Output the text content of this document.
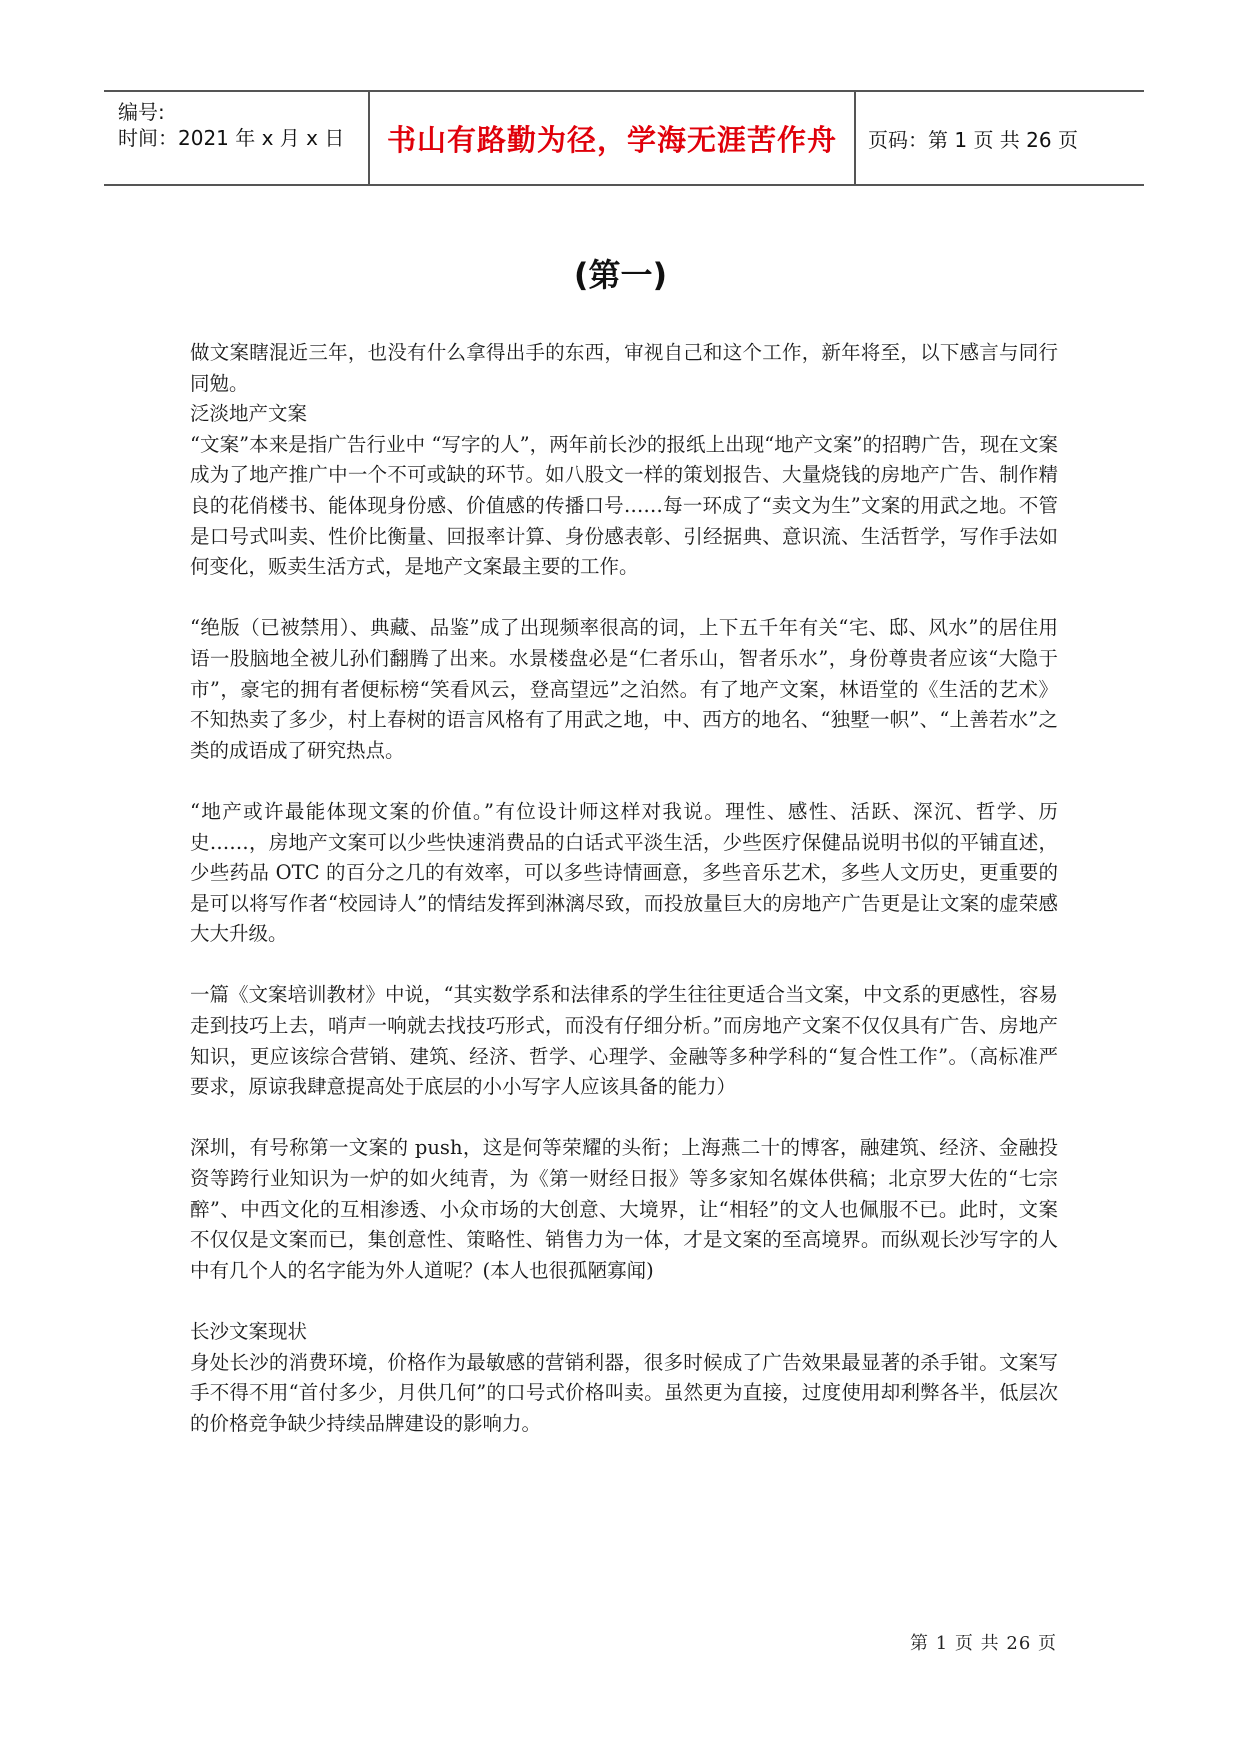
编号:
时间：2021 年 x 月 x 日 书山有路勤为径，学海无涯苦作舟 页码：第 1 页 共 26 页
(第一)

做文案瞎混近三年，也没有什么拿得出手的东西，审视自己和这个工作，新年将至，以下感言与同行同勉。

泛淡地产文案

“文案”本来是指广告行业中 “写字的人”，两年前长沙的报纸上出现“地产文案”的招聘广告，现在文案成为了地产推广中一个不可或缺的环节。如八股文一样的策划报告、大量烧钱的房地产广告、制作精良的花俏楼书、能体现身份感、价值感的传播口号……每一环成了“卖文为生”文案的用武之地。不管是口号式叫卖、性价比衡量、回报率计算、身份感表彰、引经据典、意识流、生活哲学，写作手法如何变化，贩卖生活方式，是地产文案最主要的工作。

“绝版（已被禁用）、典藏、品鉴”成了出现频率很高的词，上下五千年有关“宅、邸、风水”的居住用语一股脑地全被儿孙们翻腾了出来。水景楼盘必是“仁者乐山，智者乐水”，身份尊贵者应该“大隐于市”，豪宅的拥有者便标榜“笑看风云，登高望远”之泊然。有了地产文案，林语堂的《生活的艺术》不知热卖了多少，村上春树的语言风格有了用武之地，中、西方的地名、“独墅一帜”、“上善若水”之类的成语成了研究热点。

“地产或许最能体现文案的价值。”有位设计师这样对我说。理性、感性、活跃、深沉、哲学、历史……，房地产文案可以少些快速消费品的白话式平淡生活，少些医疗保健品说明书似的平铺直述，少些药品 OTC 的百分之几的有效率，可以多些诗情画意，多些音乐艺术，多些人文历史，更重要的是可以将写作者“校园诗人”的情结发挥到淋漓尽致，而投放量巨大的房地产广告更是让文案的虚荣感大大升级。

一篇《文案培训教材》中说，“其实数学系和法律系的学生往往更适合当文案，中文系的更感性，容易走到技巧上去，哨声一响就去找技巧形式，而没有仔细分析。”而房地产文案不仅仅具有广告、房地产知识，更应该综合营销、建筑、经济、哲学、心理学、金融等多种学科的“复合性工作”。（高标准严要求，原谅我肆意提高处于底层的小小写字人应该具备的能力）

深圳，有号称第一文案的 push，这是何等荣耀的头衔；上海燕二十的博客，融建筑、经济、金融投资等跨行业知识为一炉的如火纯青，为《第一财经日报》等多家知名媒体供稿；北京罗大佐的“七宗醉”、中西文化的互相渗透、小众市场的大创意、大境界，让“相轻”的文人也佩服不已。此时，文案不仅仅是文案而已，集创意性、策略性、销售力为一体，才是文案的至高境界。而纵观长沙写字的人中有几个人的名字能为外人道呢？(本人也很孤陋寡闻)

长沙文案现状

身处长沙的消费环境，价格作为最敏感的营销利器，很多时候成了广告效果最显著的杀手钳。文案写手不得不用“首付多少，月供几何”的口号式价格叫卖。虽然更为直接，过度使用却利弊各半，低层次的价格竞争缺少持续品牌建设的影响力。

第 1 页 共 26 页
